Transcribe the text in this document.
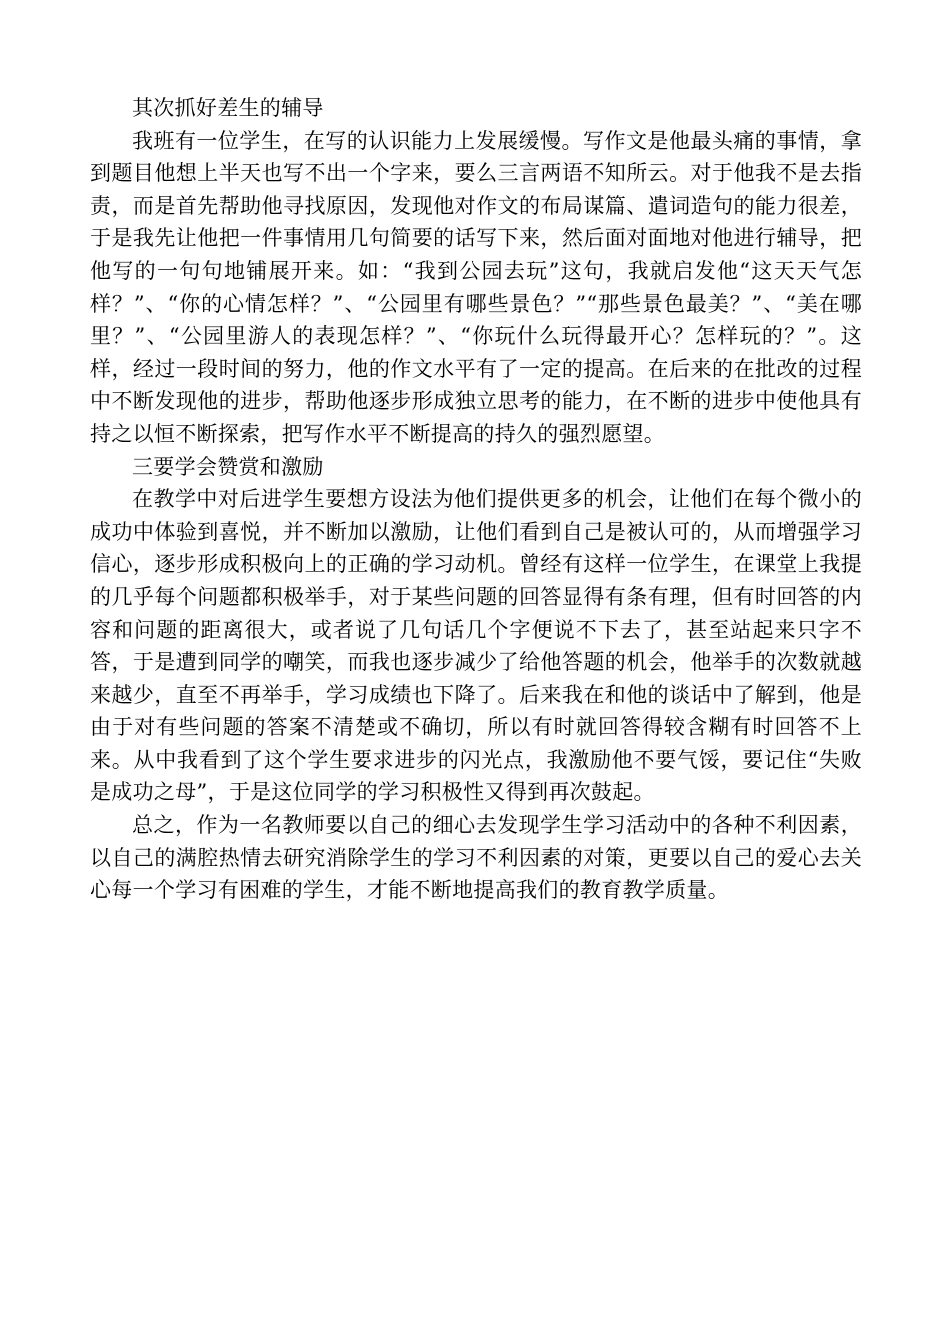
其次抓好差生的辅导

我班有一位学生，在写的认识能力上发展缓慢。写作文是他最头痛的事情，拿到题目他想上半天也写不出一个字来，要么三言两语不知所云。对于他我不是去指责，而是首先帮助他寻找原因，发现他对作文的布局谋篇、遣词造句的能力很差，于是我先让他把一件事情用几句简要的话写下来，然后面对面地对他进行辅导，把他写的一句句地铺展开来。如：“我到公园去玩”这句，我就启发他“这天天气怎样？”、“你的心情怎样？”、“公园里有哪些景色？”“那些景色最美？”、“美在哪里？”、“公园里游人的表现怎样？”、“你玩什么玩得最开心？怎样玩的？”。这样，经过一段时间的努力，他的作文水平有了一定的提高。在后来的在批改的过程中不断发现他的进步，帮助他逐步形成独立思考的能力，在不断的进步中使他具有持之以恒不断探索，把写作水平不断提高的持久的强烈愿望。

三要学会赞赏和激励

在教学中对后进学生要想方设法为他们提供更多的机会，让他们在每个微小的成功中体验到喜悦，并不断加以激励，让他们看到自己是被认可的，从而增强学习信心，逐步形成积极向上的正确的学习动机。曾经有这样一位学生，在课堂上我提的几乎每个问题都积极举手，对于某些问题的回答显得有条有理，但有时回答的内容和问题的距离很大，或者说了几句话几个字便说不下去了，甚至站起来只字不答，于是遭到同学的嘲笑，而我也逐步减少了给他答题的机会，他举手的次数就越来越少，直至不再举手，学习成绩也下降了。后来我在和他的谈话中了解到，他是由于对有些问题的答案不清楚或不确切，所以有时就回答得较含糊有时回答不上来。从中我看到了这个学生要求进步的闪光点，我激励他不要气馁，要记住“失败是成功之母”，于是这位同学的学习积极性又得到再次鼓起。

总之，作为一名教师要以自己的细心去发现学生学习活动中的各种不利因素，以自己的满腔热情去研究消除学生的学习不利因素的对策，更要以自己的爱心去关心每一个学习有困难的学生，才能不断地提高我们的教育教学质量。
